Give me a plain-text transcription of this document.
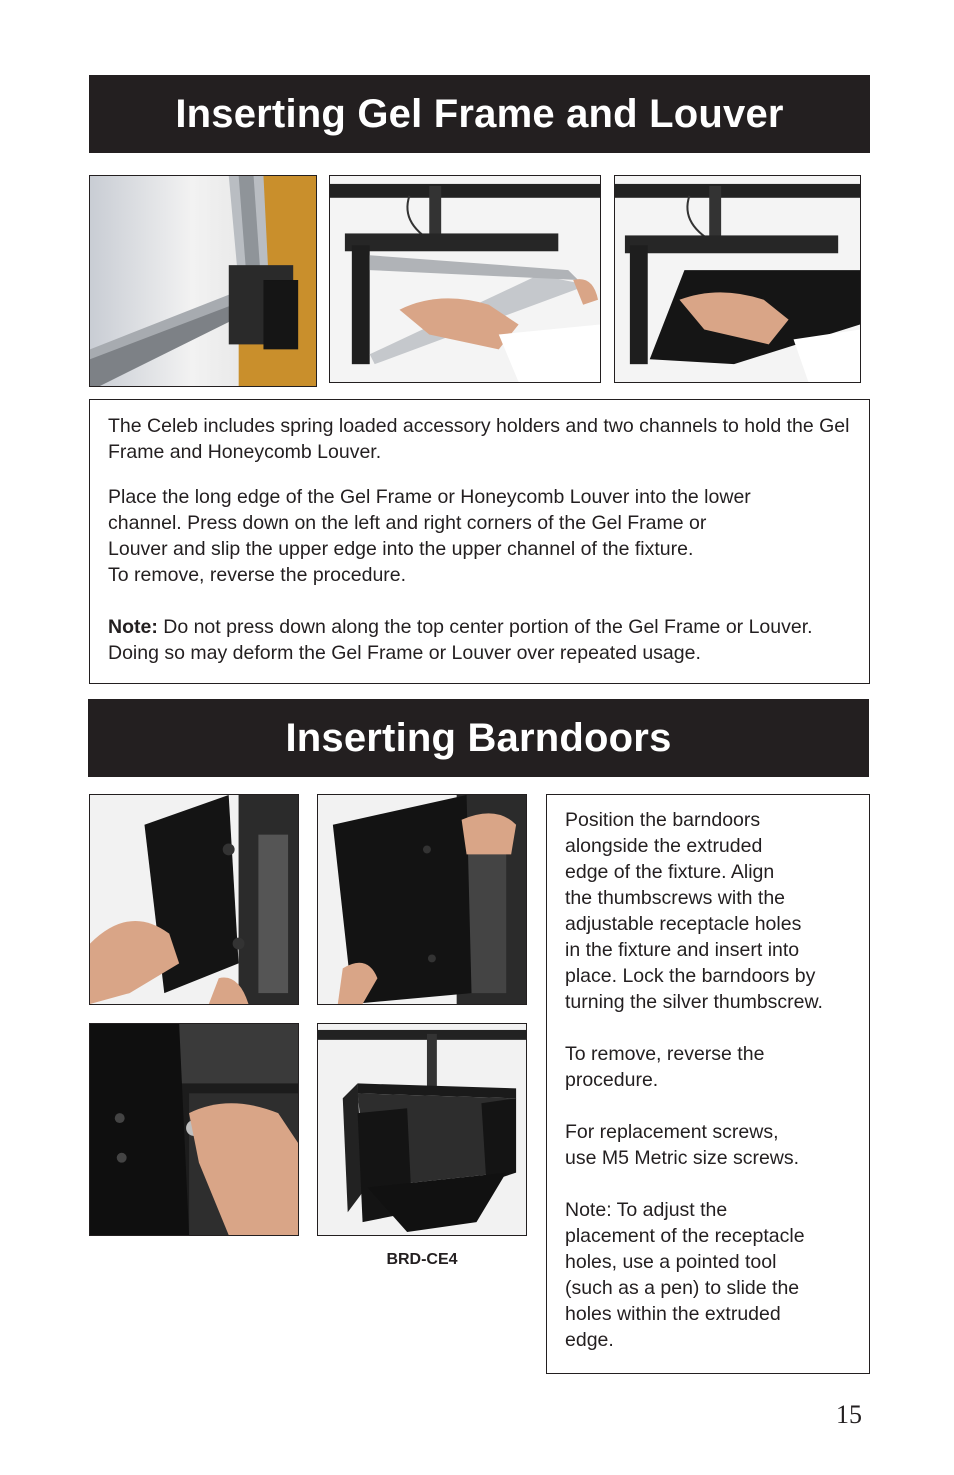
Inserting Gel Frame and Louver

The Celeb includes spring loaded accessory holders and two channels to hold the Gel Frame and Honeycomb Louver.

Place the long edge of the Gel Frame or Honeycomb Louver into the lower
channel. Press down on the left and right corners of the Gel Frame or
Louver and slip the upper edge into the upper channel of the fixture.
To remove, reverse the procedure.

Note: Do not press down along the top center portion of the Gel Frame or Louver. Doing so may deform the Gel Frame or Louver over repeated usage.

Inserting Barndoors
BRD-CE4

Position the barndoors
alongside the extruded
edge of the fixture. Align
the thumbscrews with the
adjustable receptacle holes
in the fixture and insert into
place. Lock the barndoors by
turning the silver thumbscrew.

To remove, reverse the
procedure.

For replacement screws,
use M5 Metric size screws.

Note: To adjust the
placement of the receptacle
holes, use a pointed tool
(such as a pen) to slide the
holes within the extruded
edge.

15
